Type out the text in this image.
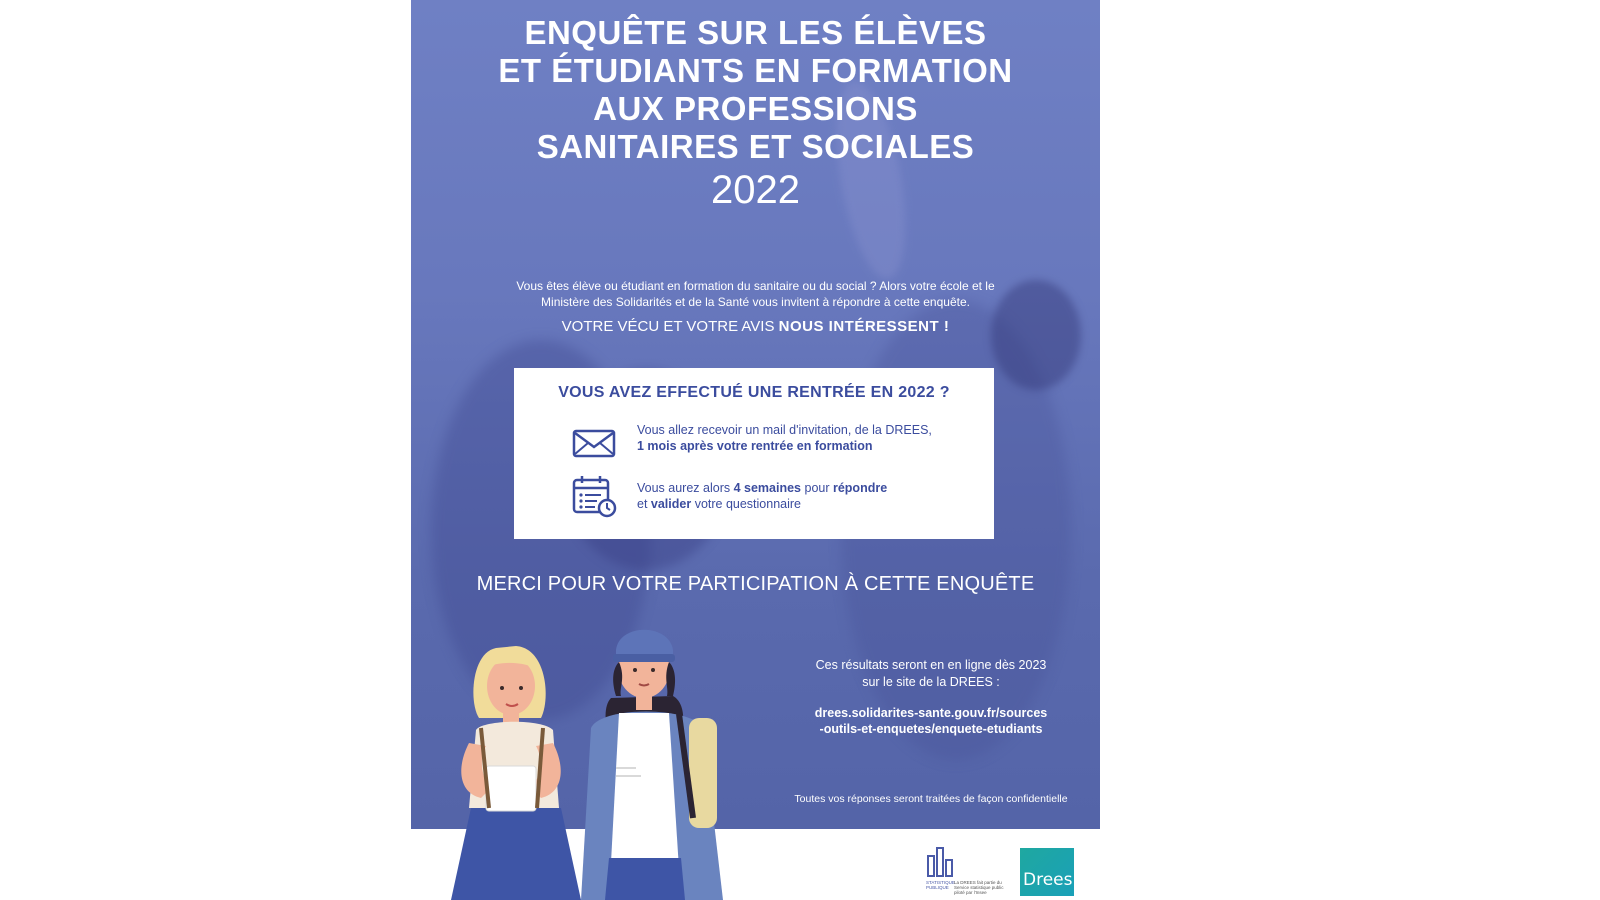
ENQUÊTE SUR LES ÉLÈVES
ET ÉTUDIANTS EN FORMATION
AUX PROFESSIONS
SANITAIRES ET SOCIALES
2022
Vous êtes élève ou étudiant en formation du sanitaire ou du social ? Alors votre école et le
Ministère des Solidarités et de la Santé vous invitent à répondre à cette enquête.
VOTRE VÉCU ET VOTRE AVIS NOUS INTÉRESSENT !
MERCI POUR VOTRE PARTICIPATION À CETTE ENQUÊTE
Ces résultats seront en en ligne dès 2023
sur le site de la DREES :
drees.solidarites-sante.gouv.fr/sources
-outils-et-enquetes/enquete-etudiants
Toutes vos réponses seront traitées de façon confidentielle
VOUS AVEZ EFFECTUÉ UNE RENTRÉE EN 2022 ?
Vous allez recevoir un mail d'invitation, de la DREES,
1 mois après votre rentrée en formation
Vous aurez alors 4 semaines pour répondre
et valider votre questionnaire
STATISTIQUE PUBLIQUE
La DREES fait partie du Service statistique public piloté par l'Insee
Drees
